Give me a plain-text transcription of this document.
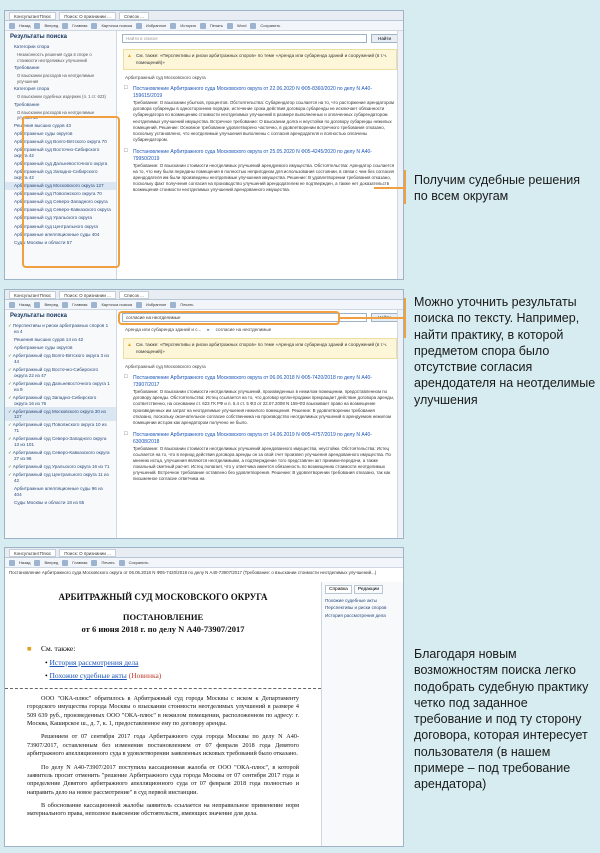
КонсультантПлюс	Поиск: О признании ...	Список ...
Назад	Вперед	Главная	Карточка поиска	Избранное	История	Печать	Word	Сохранить
Результаты поиска
Категории спора
Незаконность решения суда в споре о стоимости неотделимых улучшений
Требование
О взыскании расходов на неотделимые улучшения
Категория спора
О взыскании судебных издержек (п. 1 ст. 623)
Требование
О взыскании расходов на неотделимые улучшения
Решения высших судов 43
Арбитражные суды округов
Арбитражный суд Волго-Вятского округа 70
Арбитражный суд Восточно-Сибирского округа 42
Арбитражный суд Дальневосточного округа
Арбитражный суд Западно-Сибирского округа 42
Арбитражный суд Московского округа 127
Арбитражный суд Поволжского округа 70
Арбитражный суд Северо-Западного округа
Арбитражный суд Северо-Кавказского округа
Арбитражный суд Уральского округа
Арбитражный суд Центрального округа
Арбитражные апелляционные суды 404
Суды Москвы и области 57
Найти в списке	Найти
▲ См. также: «Перспективы и риски арбитражных споров» по теме «Аренда или субаренда зданий и сооружений (в т.ч. помещений)»
Арбитражный суд Московского округа
□ Постановление Арбитражного суда Московского округа от 22.06.2020 N Ф05-8360/2020 по делу N А40-159615/2019
Требование: О взыскании убытков, процентов. Обстоятельства: Субарендатор ссылается на то, что расторжение арендатором договора субаренды в одностороннем порядке, истечение срока действия договора субаренды не исключает обязанности субарендатора по возмещению стоимости неотделимых улучшений в размере выполненных и оплаченных субарендатором неотделимых улучшений имущества. Встречное требование: О взыскании долга и неустойки по договору субаренды нежилых помещений. Решение: Основное требование удовлетворено частично, в удовлетворении встречного требования отказано, поскольку установлено, что неотделимые улучшения выполнены с согласия арендодателя и полностью оплачены субарендатором.
□ Постановление Арбитражного суда Московского округа от 25.05.2020 N Ф05-4245/2020 по делу N А40-79950/2019
Требование: О взыскании стоимости неотделимых улучшений арендуемого имущества. Обстоятельства: Арендатор ссылается на то, что ему были переданы помещения в полностью непригодном для использования состоянии, в связи с чем без согласия арендодателя им были произведены неотделимые улучшения имущества. Решение: В удовлетворении требования отказано, поскольку факт получения согласия на производство улучшений арендодателем не подтвержден, а также нет доказательств возмещения стоимости неотделимых улучшений арендованного имущества.
Получим судебные решения по всем округам
КонсультантПлюс	Поиск: О признании ...	Список ...
Назад	Вперед	Главная	Карточка поиска	Избранное	Печать
Результаты поиска
✓ Перспективы и риски арбитражных споров 1 из 4
Решения высших судов 14 из 42
Арбитражные суды округов
✓ Арбитражный суд Волго-Вятского округа 3 из 44
✓ Арбитражный суд Восточно-Сибирского округа 22 из 47
✓ Арбитражный суд Дальневосточного округа 1 из 9
✓ Арбитражный суд Западно-Сибирского округа 16 из 76
✓ Арбитражный суд Московского округа 30 из 127
✓ Арбитражный суд Поволжского округа 10 из 71
✓ Арбитражный суд Северо-Западного округа 13 из 101
✓ Арбитражный суд Северо-Кавказского округа 27 из 96
✓ Арбитражный суд Уральского округа 16 из 71
✓ Арбитражный суд Центрального округа 11 из 42
Арбитражные апелляционные суды 96 из 404
Суды Москвы и области 18 из 55
согласие на неотделимые
Аренда или субаренда зданий и с... ▸ согласие на неотделимые
▲ См. также: «Перспективы и риски арбитражных споров» по теме «Аренда или субаренда зданий и сооружений (в т.ч. помещений)»
Арбитражный суд Московского округа
□ Постановление Арбитражного суда Московского округа от 06.06.2018 N Ф05-7420/2018 по делу N А40-73907/2017
Требование: О взыскании стоимости неотделимых улучшений, произведенных в нежилом помещении, предоставленном по договору аренды. Обстоятельства: Истец ссылается на то, что договор купли-продажи прекращает действие договора аренды, соответственно, на основании ст. 623 ГК РФ и п. 5.4 ст. 5 ФЗ от 22.07.2008 N 159-ФЗ взыскивает право на возмещение произведенных им затрат на неотделимые улучшения нежилого помещения. Решение: В удовлетворении требования отказано, поскольку окончательное согласие собственника на производство неотделимых улучшений в арендуемом нежилом помещении истцом как арендатором получено не было.
□ Постановление Арбитражного суда Московского округа от 14.06.2019 N Ф05-4757/2019 по делу N А40-63008/2018
Требование: О взыскании стоимости неотделимых улучшений арендованного имущества, неустойки. Обстоятельства: Истец ссылается на то, что в период действия договора аренды он за свой счет произвел улучшения арендованного имущества. По мнению истца, улучшения являются неотделимыми, а подтверждение того представлен акт приемки-передачи, а также локальный сметный расчет. Истец полагает, что у ответчика имеется обязанность по возмещению стоимости неотделимых улучшений. Встречное требование оставлено без удовлетворения. Решение: В удовлетворении требования отказано, так как письменное согласие ответчика на
Можно уточнить результаты поиска по тексту. Например, найти практику, в которой предметом спора было отсутствие согласия арендодателя на неотделимые улучшения
КонсультантПлюс	Поиск: О признании ...
Назад	Вперед	Главная	Печать	Сохранить
Постановление Арбитражного суда Московского округа от 06.06.2018 N Ф05-7420/2018 по делу N А40-73907/2017 (Требование: о взыскании стоимости неотделимых улучшений...)
АРБИТРАЖНЫЙ СУД МОСКОВСКОГО ОКРУГА
ПОСТАНОВЛЕНИЕ
от 6 июня 2018 г. по делу N А40-73907/2017
■ См. также:
• История рассмотрения дела
• Похожие судебные акты (Новинка)
ООО "ОКА-плюс" обратилось в Арбитражный суд города Москвы с иском к Департаменту городского имущества города Москвы о взыскании стоимости неотделимых улучшений в размере 4 509 639 руб., произведенных ООО "ОКА-плюс" в нежилом помещении, расположенном по адресу: г. Москва, Каширское ш., д. 7, к. 1, предоставленное ему по договору аренды.
Решением от 07 сентября 2017 года Арбитражного суда города Москвы по делу N А40-73907/2017, оставленным без изменения постановлением от 07 февраля 2018 года Девятого арбитражного апелляционного суда в удовлетворении заявленных исковых требований было отказано.
По делу N А40-73907/2017 поступила кассационная жалоба от ООО "ОКА-плюс", в которой заявитель просит отменить "решение Арбитражного суда города Москвы от 07 сентября 2017 года и определение Девятого арбитражного апелляционного суда от 07 февраля 2018 года полностью и направить дело на новое рассмотрение" в суд первой инстанции.
В обоснование кассационной жалобы заявитель ссылается на неправильное применение норм материального права, неполное выяснение обстоятельств, имеющих значение для дела.
Справка	Редакции
Похожие судебные акты
Перспективы и риски споров
История рассмотрения дела
Благодаря новым возможностям поиска легко подобрать судебную практику четко под заданное требование и под ту сторону договора, которая интересует пользователя (в нашем примере – под требование арендатора)
